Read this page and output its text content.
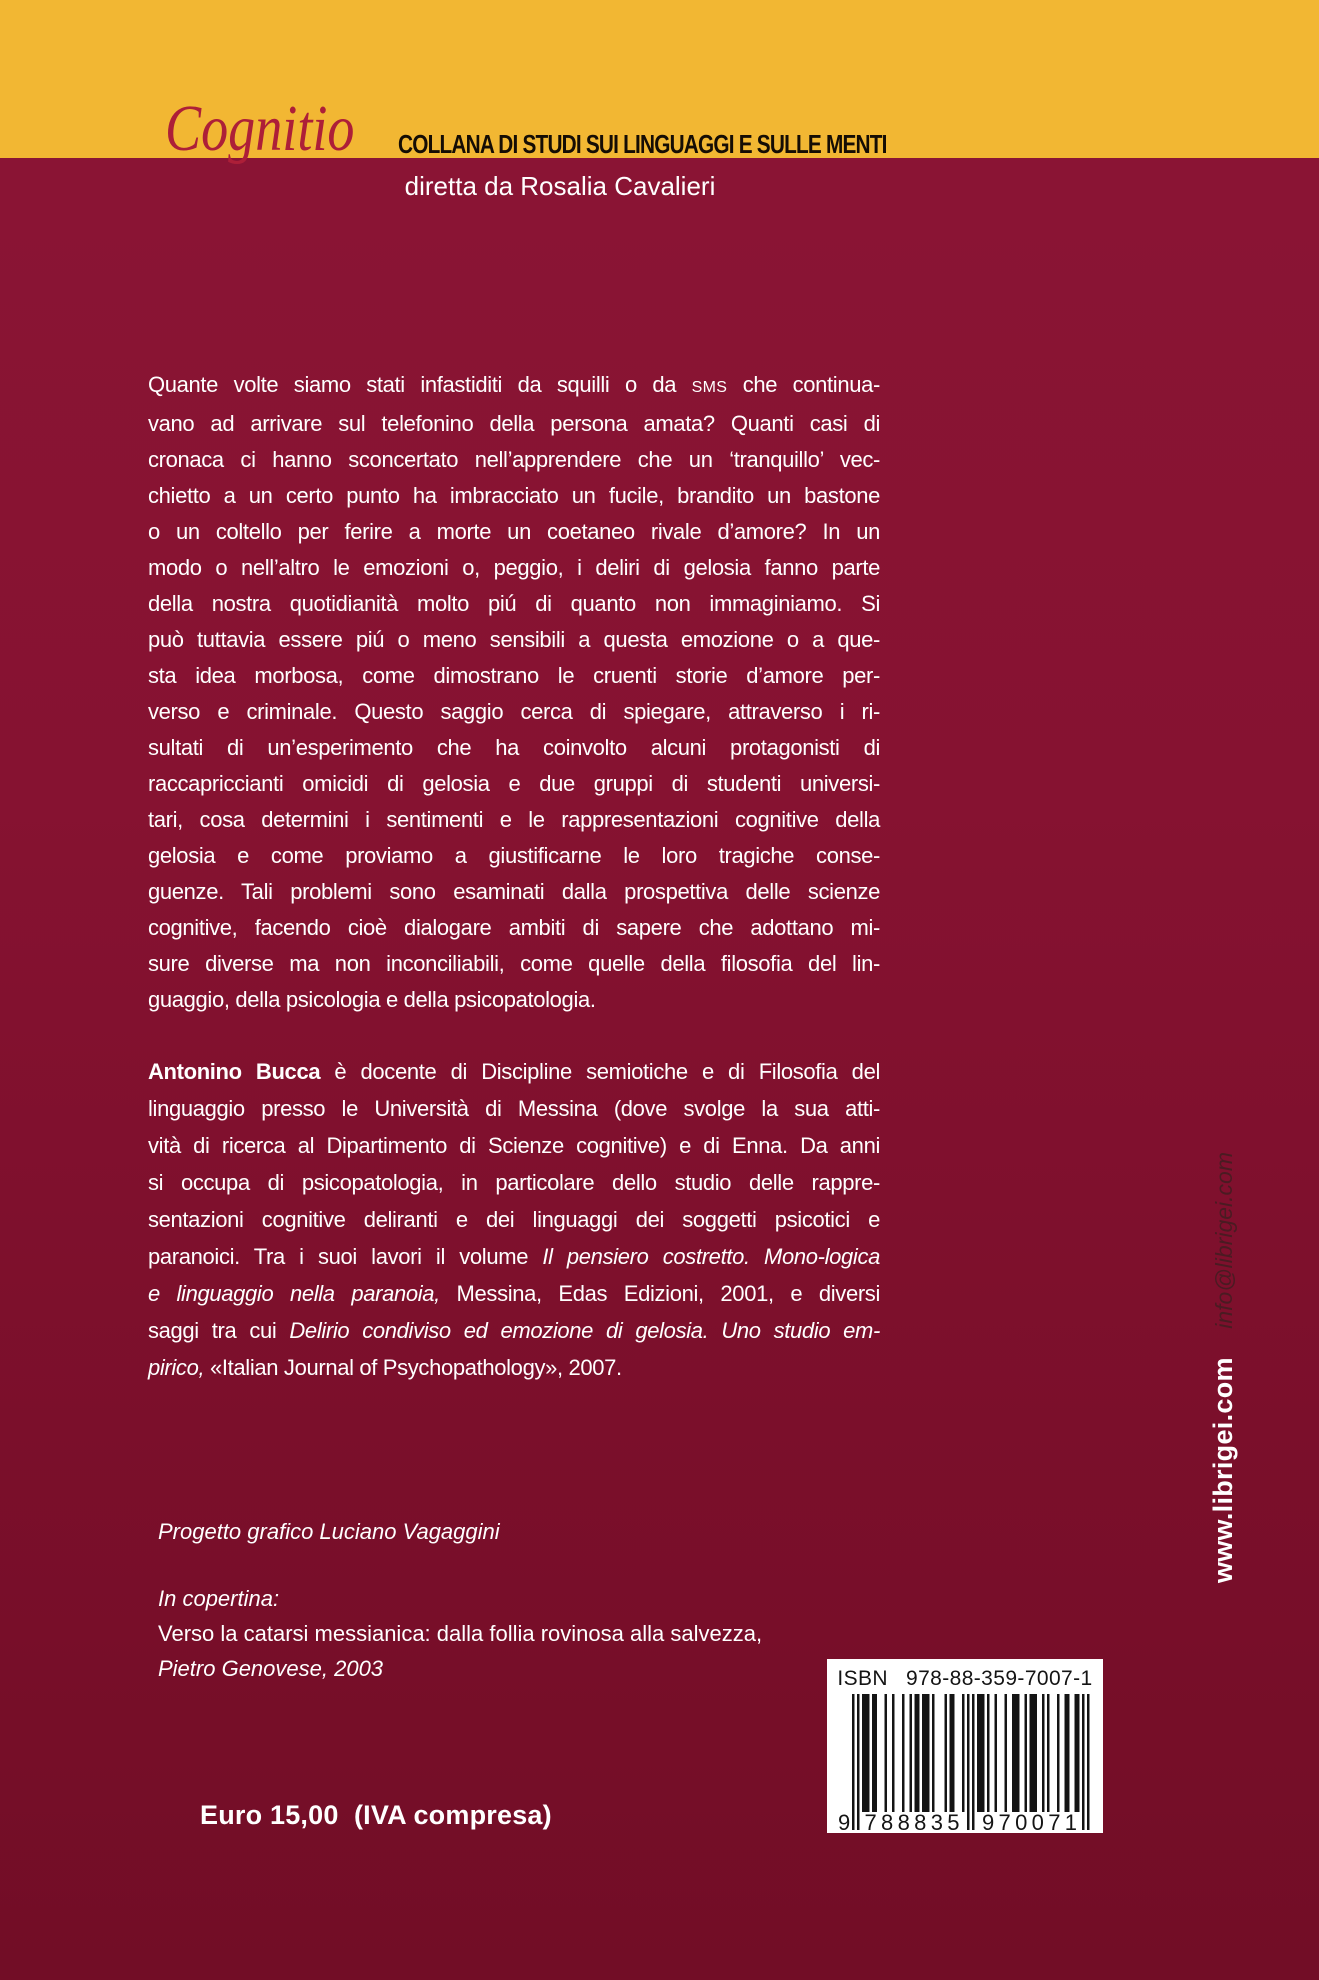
Cognitio COLLANA DI STUDI SUI LINGUAGGI E SULLE MENTI
diretta da Rosalia Cavalieri
Quante volte siamo stati infastiditi da squilli o da SMS che continua-
vano ad arrivare sul telefonino della persona amata? Quanti casi di
cronaca ci hanno sconcertato nell’apprendere che un ‘tranquillo’ vec-
chietto a un certo punto ha imbracciato un fucile, brandito un bastone
o un coltello per ferire a morte un coetaneo rivale d’amore? In un
modo o nell’altro le emozioni o, peggio, i deliri di gelosia fanno parte
della nostra quotidianità molto piú di quanto non immaginiamo. Si
può tuttavia essere piú o meno sensibili a questa emozione o a que-
sta idea morbosa, come dimostrano le cruenti storie d’amore per-
verso e criminale. Questo saggio cerca di spiegare, attraverso i ri-
sultati di un’esperimento che ha coinvolto alcuni protagonisti di
raccapriccianti omicidi di gelosia e due gruppi di studenti universi-
tari, cosa determini i sentimenti e le rappresentazioni cognitive della
gelosia e come proviamo a giustificarne le loro tragiche conse-
guenze. Tali problemi sono esaminati dalla prospettiva delle scienze
cognitive, facendo cioè dialogare ambiti di sapere che adottano mi-
sure diverse ma non inconciliabili, come quelle della filosofia del lin-
guaggio, della psicologia e della psicopatologia.
Antonino Bucca è docente di Discipline semiotiche e di Filosofia del
linguaggio presso le Università di Messina (dove svolge la sua atti-
vità di ricerca al Dipartimento di Scienze cognitive) e di Enna. Da anni
si occupa di psicopatologia, in particolare dello studio delle rappre-
sentazioni cognitive deliranti e dei linguaggi dei soggetti psicotici e
paranoici. Tra i suoi lavori il volume Il pensiero costretto. Mono-logica
e linguaggio nella paranoia, Messina, Edas Edizioni, 2001, e diversi
saggi tra cui Delirio condiviso ed emozione di gelosia. Uno studio em-
pirico, «Italian Journal of Psychopathology», 2007.
Progetto grafico Luciano Vagaggini
In copertina:
Verso la catarsi messianica: dalla follia rovinosa alla salvezza,
Pietro Genovese, 2003	ISBN 978-88-359-7007-1
9 788835 970071
Euro 15,00  (IVA compresa)
www.librigei.com info@librigei.com
